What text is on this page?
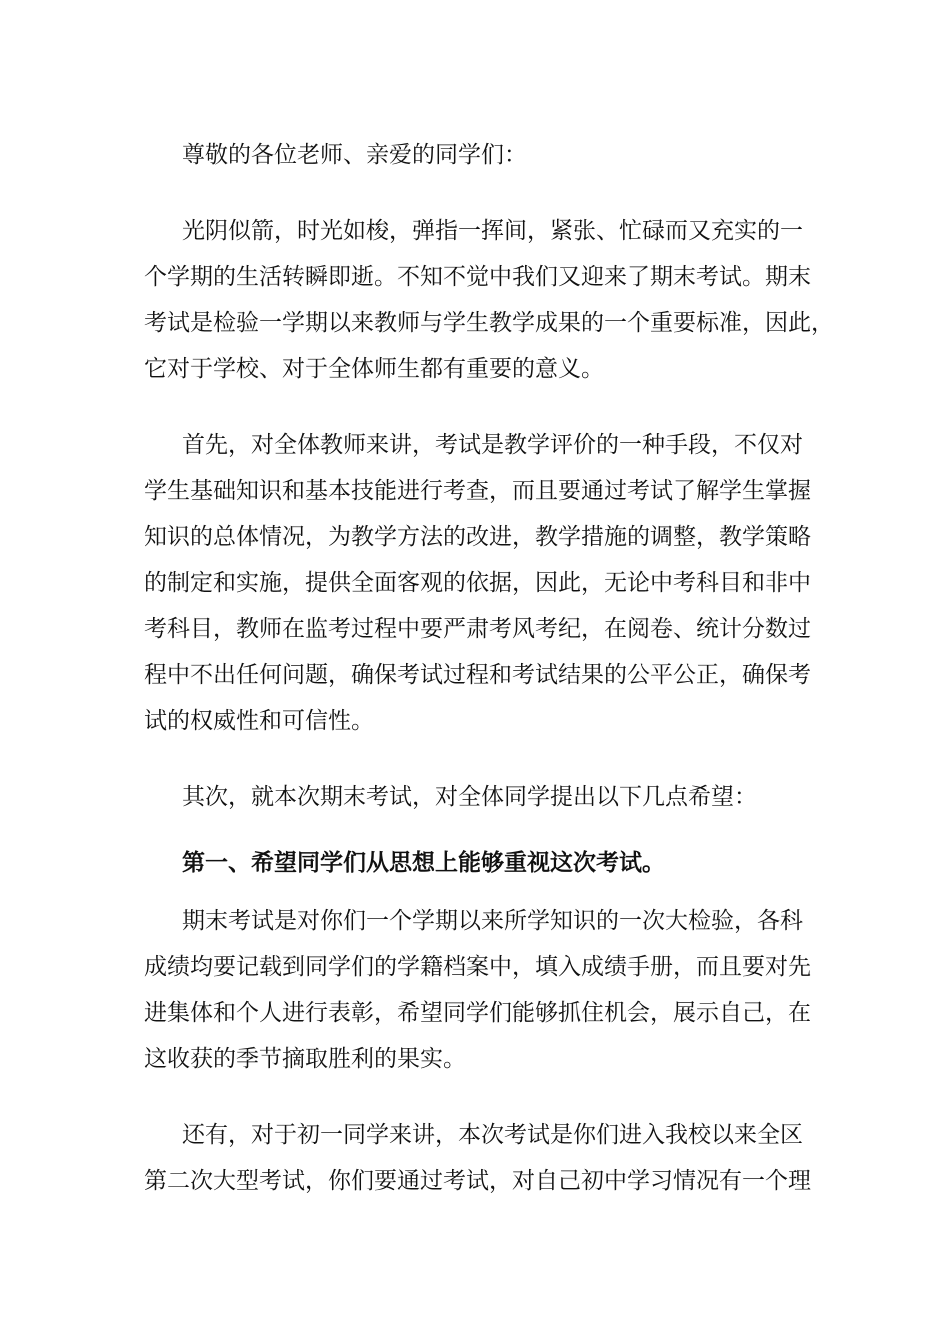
尊敬的各位老师、亲爱的同学们：
光阴似箭，时光如梭，弹指一挥间，紧张、忙碌而又充实的一
个学期的生活转瞬即逝。不知不觉中我们又迎来了期末考试。期末
考试是检验一学期以来教师与学生教学成果的一个重要标准，因此，
它对于学校、对于全体师生都有重要的意义。
首先，对全体教师来讲，考试是教学评价的一种手段，不仅对
学生基础知识和基本技能进行考查，而且要通过考试了解学生掌握
知识的总体情况，为教学方法的改进，教学措施的调整，教学策略
的制定和实施，提供全面客观的依据，因此，无论中考科目和非中
考科目，教师在监考过程中要严肃考风考纪，在阅卷、统计分数过
程中不出任何问题，确保考试过程和考试结果的公平公正，确保考
试的权威性和可信性。
其次，就本次期末考试，对全体同学提出以下几点希望：
第一、希望同学们从思想上能够重视这次考试。
期末考试是对你们一个学期以来所学知识的一次大检验，各科
成绩均要记载到同学们的学籍档案中，填入成绩手册，而且要对先
进集体和个人进行表彰，希望同学们能够抓住机会，展示自己，在
这收获的季节摘取胜利的果实。
还有，对于初一同学来讲，本次考试是你们进入我校以来全区
第二次大型考试，你们要通过考试，对自己初中学习情况有一个理
